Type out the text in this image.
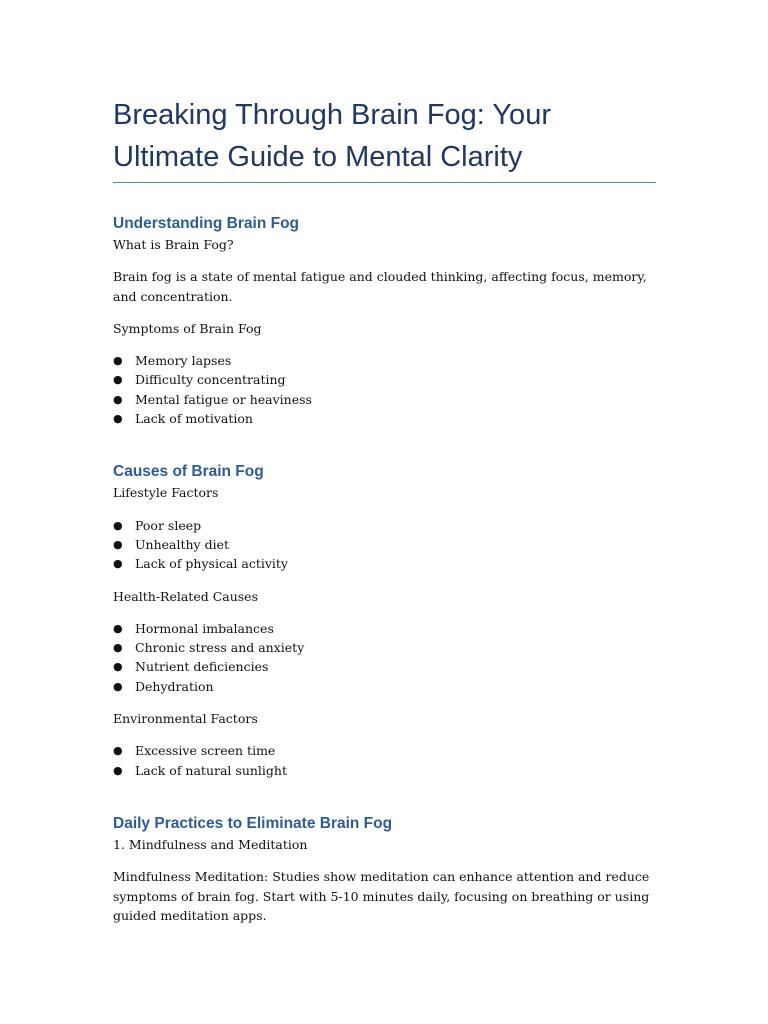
Breaking Through Brain Fog: Your Ultimate Guide to Mental Clarity
Understanding Brain Fog

What is Brain Fog?

Brain fog is a state of mental fatigue and clouded thinking, affecting focus, memory, and concentration.

Symptoms of Brain Fog

● Memory lapses
● Difficulty concentrating
● Mental fatigue or heaviness
● Lack of motivation
Causes of Brain Fog

Lifestyle Factors

● Poor sleep
● Unhealthy diet
● Lack of physical activity

Health-Related Causes

● Hormonal imbalances
● Chronic stress and anxiety
● Nutrient deficiencies
● Dehydration

Environmental Factors

● Excessive screen time
● Lack of natural sunlight
Daily Practices to Eliminate Brain Fog

1. Mindfulness and Meditation

Mindfulness Meditation: Studies show meditation can enhance attention and reduce symptoms of brain fog. Start with 5-10 minutes daily, focusing on breathing or using guided meditation apps.
